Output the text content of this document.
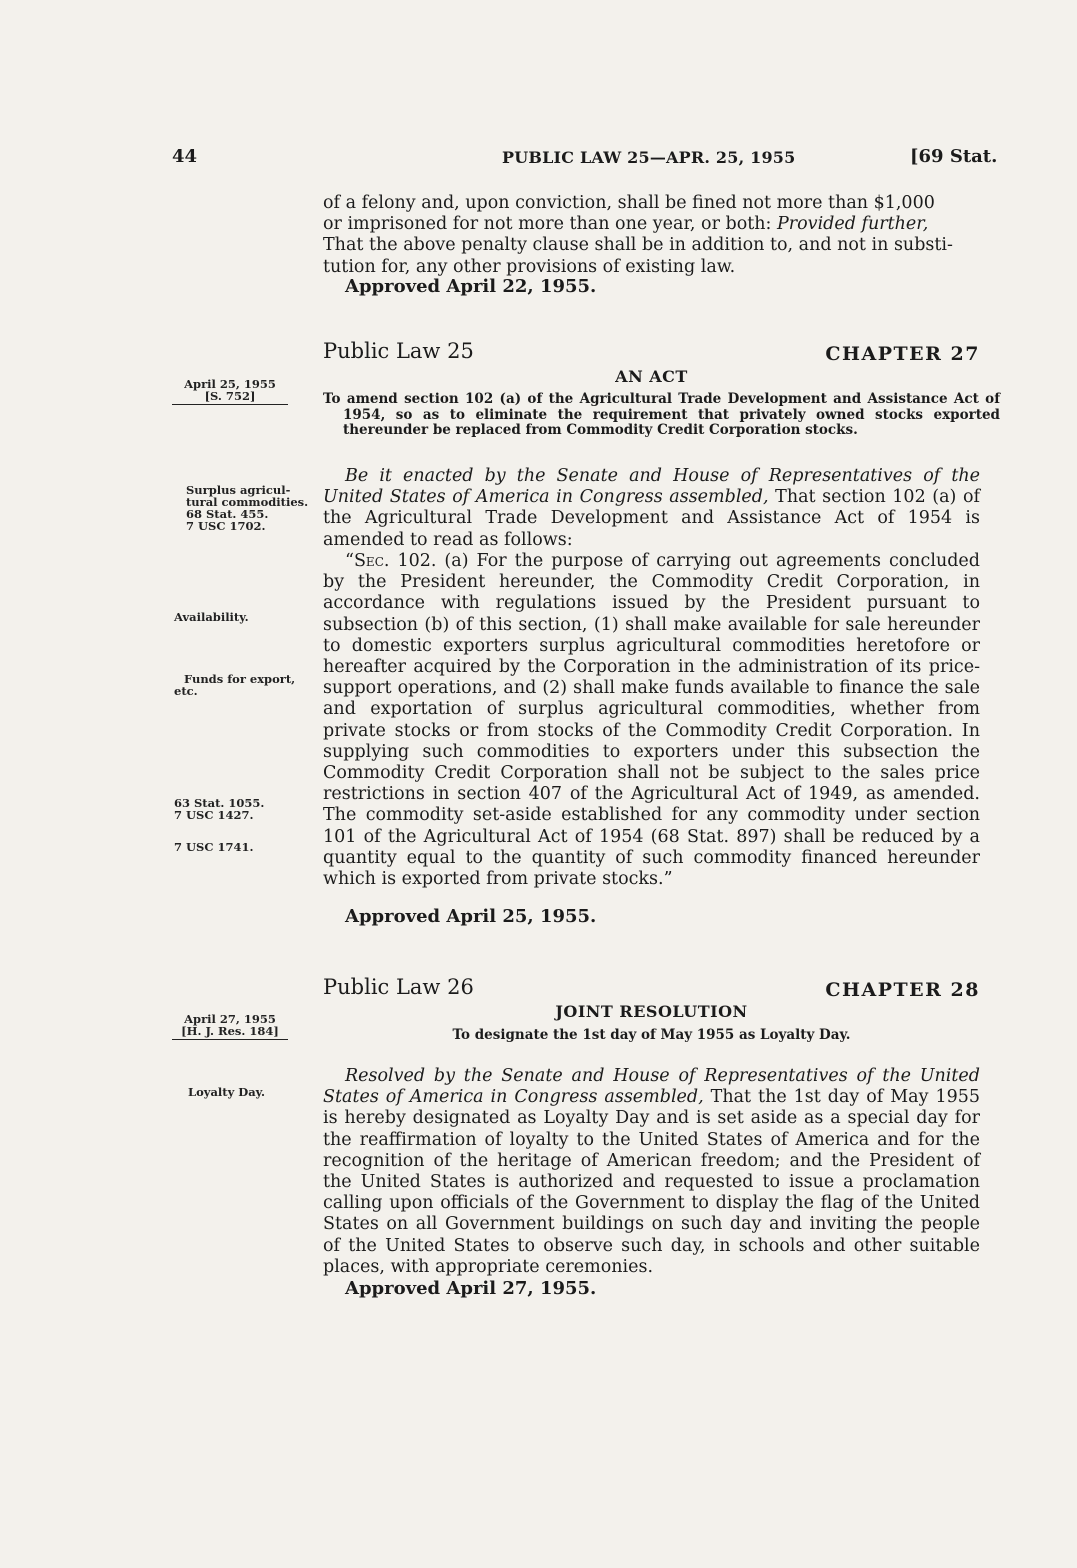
44	PUBLIC LAW 25—APR. 25, 1955	[69 Stat.

of a felony and, upon conviction, shall be fined not more than $1,000

or imprisoned for not more than one year, or both: Provided further,

That the above penalty clause shall be in addition to, and not in substi-

tution for, any other provisions of existing law.

Approved April 22, 1955.
Public Law 25	CHAPTER 27
AN ACT
April 25, 1955
[S. 752]	To amend section 102 (a) of the Agricultural Trade Development and Assistance Act of 1954, so as to eliminate the requirement that privately owned stocks exported thereunder be replaced from Commodity Credit Corporation stocks.
Be it enacted by the Senate and House of Representatives of the United States of America in Congress assembled, That section 102 (a) of the Agricultural Trade Development and Assistance Act of 1954 is amended to read as follows:
“Sec. 102. (a) For the purpose of carrying out agreements concluded by the President hereunder, the Commodity Credit Corporation, in accordance with regulations issued by the President pursuant to subsection (b) of this section, (1) shall make available for sale hereunder to domestic exporters surplus agricultural commodities heretofore or hereafter acquired by the Corporation in the administration of its price-support operations, and (2) shall make funds available to finance the sale and exportation of surplus agricultural commodities, whether from private stocks or from stocks of the Commodity Credit Corporation. In supplying such commodities to exporters under this subsection the Commodity Credit Corporation shall not be subject to the sales price restrictions in section 407 of the Agricultural Act of 1949, as amended. The commodity set-aside established for any commodity under section 101 of the Agricultural Act of 1954 (68 Stat. 897) shall be reduced by a quantity equal to the quantity of such commodity financed hereunder which is exported from private stocks.”
Approved April 25, 1955.
Surplus agricul-
tural commodities.
68 Stat. 455.
7 USC 1702.
Availability.
Funds for export,
etc.
63 Stat. 1055.
7 USC 1427.
7 USC 1741.
Public Law 26	CHAPTER 28
JOINT RESOLUTION
April 27, 1955
[H. J. Res. 184]	To designate the 1st day of May 1955 as Loyalty Day.
Resolved by the Senate and House of Representatives of the United States of America in Congress assembled, That the 1st day of May 1955 is hereby designated as Loyalty Day and is set aside as a special day for the reaffirmation of loyalty to the United States of America and for the recognition of the heritage of American freedom; and the President of the United States is authorized and requested to issue a proclamation calling upon officials of the Government to display the flag of the United States on all Government buildings on such day and inviting the people of the United States to observe such day, in schools and other suitable places, with appropriate ceremonies.
Loyalty Day.
Approved April 27, 1955.
